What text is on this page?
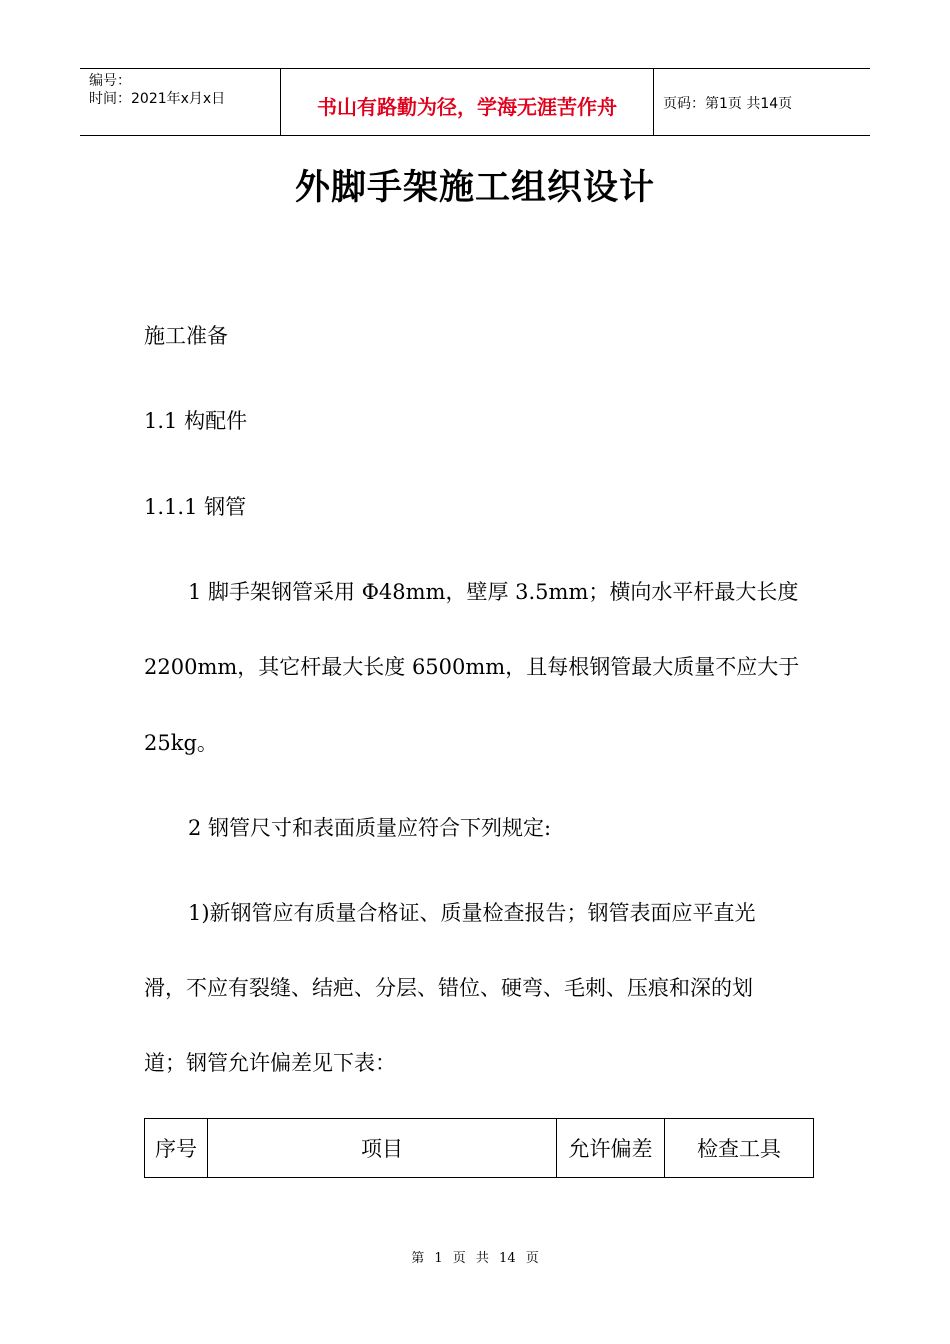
编号：
时间：2021年x月x日	书山有路勤为径，学海无涯苦作舟	页码：第1页 共14页
外脚手架施工组织设计
施工准备
1.1 构配件
1.1.1 钢管
1 脚手架钢管采用 Φ48mm，壁厚 3.5mm；横向水平杆最大长度
2200mm，其它杆最大长度 6500mm，且每根钢管最大质量不应大于
25kg。
2 钢管尺寸和表面质量应符合下列规定:
1)新钢管应有质量合格证、质量检查报告；钢管表面应平直光
滑，不应有裂缝、结疤、分层、错位、硬弯、毛刺、压痕和深的划
道；钢管允许偏差见下表：
序号	项目	允许偏差	检查工具
第 1 页 共 14 页
